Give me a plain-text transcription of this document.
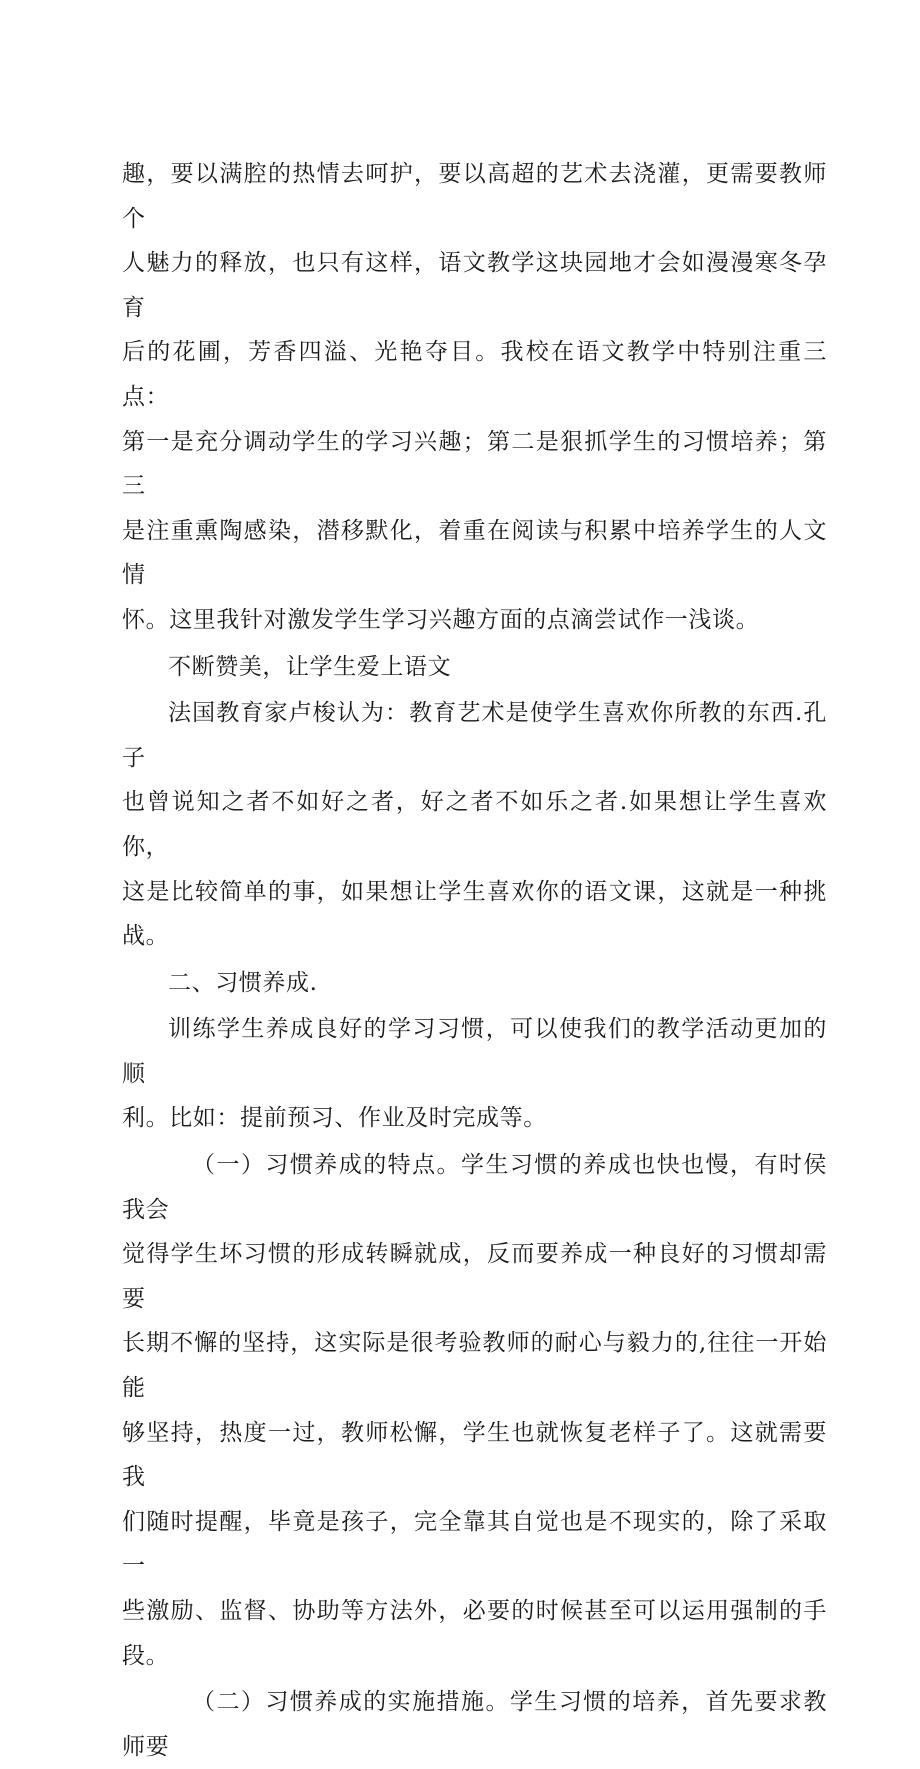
趣，要以满腔的热情去呵护，要以高超的艺术去浇灌，更需要教师个
人魅力的释放，也只有这样，语文教学这块园地才会如漫漫寒冬孕育
后的花圃，芳香四溢、光艳夺目。我校在语文教学中特别注重三点：
第一是充分调动学生的学习兴趣；第二是狠抓学生的习惯培养；第三
是注重熏陶感染，潜移默化，着重在阅读与积累中培养学生的人文情
怀。这里我针对激发学生学习兴趣方面的点滴尝试作一浅谈。

不断赞美，让学生爱上语文

法国教育家卢梭认为：教育艺术是使学生喜欢你所教的东西.孔子
也曾说知之者不如好之者，好之者不如乐之者.如果想让学生喜欢你，
这是比较简单的事，如果想让学生喜欢你的语文课，这就是一种挑战。

二、习惯养成.

训练学生养成良好的学习习惯，可以使我们的教学活动更加的顺
利。比如：提前预习、作业及时完成等。

（一）习惯养成的特点。学生习惯的养成也快也慢，有时侯我会
觉得学生坏习惯的形成转瞬就成，反而要养成一种良好的习惯却需要
长期不懈的坚持，这实际是很考验教师的耐心与毅力的,往往一开始能
够坚持，热度一过，教师松懈，学生也就恢复老样子了。这就需要我
们随时提醒，毕竟是孩子，完全靠其自觉也是不现实的，除了采取一
些激励、监督、协助等方法外，必要的时候甚至可以运用强制的手段。

（二）习惯养成的实施措施。学生习惯的培养，首先要求教师要
